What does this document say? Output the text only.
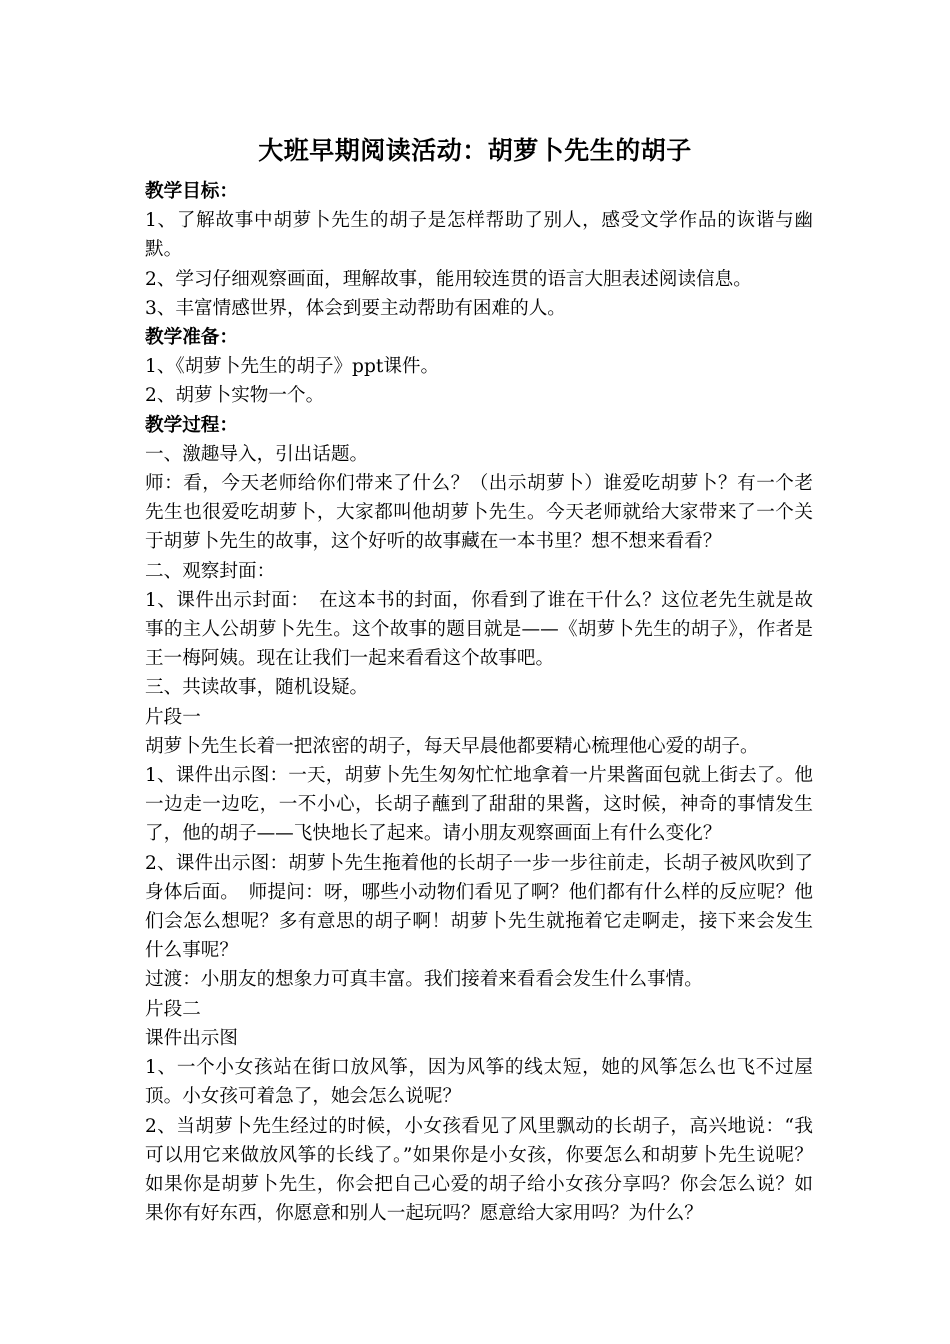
大班早期阅读活动：胡萝卜先生的胡子

教学目标：

1、了解故事中胡萝卜先生的胡子是怎样帮助了别人，感受文学作品的诙谐与幽默。

2、学习仔细观察画面，理解故事，能用较连贯的语言大胆表述阅读信息。

3、丰富情感世界，体会到要主动帮助有困难的人。

教学准备：

1、《胡萝卜先生的胡子》ppt课件。

2、胡萝卜实物一个。

教学过程：

一、激趣导入，引出话题。

师：看，今天老师给你们带来了什么？（出示胡萝卜）谁爱吃胡萝卜？有一个老先生也很爱吃胡萝卜，大家都叫他胡萝卜先生。今天老师就给大家带来了一个关于胡萝卜先生的故事，这个好听的故事藏在一本书里？想不想来看看？

二、观察封面：

1、课件出示封面：　在这本书的封面，你看到了谁在干什么？这位老先生就是故事的主人公胡萝卜先生。这个故事的题目就是——《胡萝卜先生的胡子》，作者是王一梅阿姨。现在让我们一起来看看这个故事吧。

三、共读故事，随机设疑。

片段一

胡萝卜先生长着一把浓密的胡子，每天早晨他都要精心梳理他心爱的胡子。

1、课件出示图：一天，胡萝卜先生匆匆忙忙地拿着一片果酱面包就上街去了。他一边走一边吃，一不小心，长胡子蘸到了甜甜的果酱，这时候，神奇的事情发生了，他的胡子——飞快地长了起来。请小朋友观察画面上有什么变化？

2、课件出示图：胡萝卜先生拖着他的长胡子一步一步往前走，长胡子被风吹到了身体后面。　师提问：呀，哪些小动物们看见了啊？他们都有什么样的反应呢？他们会怎么想呢？多有意思的胡子啊！胡萝卜先生就拖着它走啊走，接下来会发生什么事呢？

过渡：小朋友的想象力可真丰富。我们接着来看看会发生什么事情。

片段二

课件出示图

1、一个小女孩站在街口放风筝，因为风筝的线太短，她的风筝怎么也飞不过屋顶。小女孩可着急了，她会怎么说呢？

2、当胡萝卜先生经过的时候，小女孩看见了风里飘动的长胡子，高兴地说：“我可以用它来做放风筝的长线了。”如果你是小女孩，你要怎么和胡萝卜先生说呢？如果你是胡萝卜先生，你会把自己心爱的胡子给小女孩分享吗？你会怎么说？如果你有好东西，你愿意和别人一起玩吗？愿意给大家用吗？为什么？
